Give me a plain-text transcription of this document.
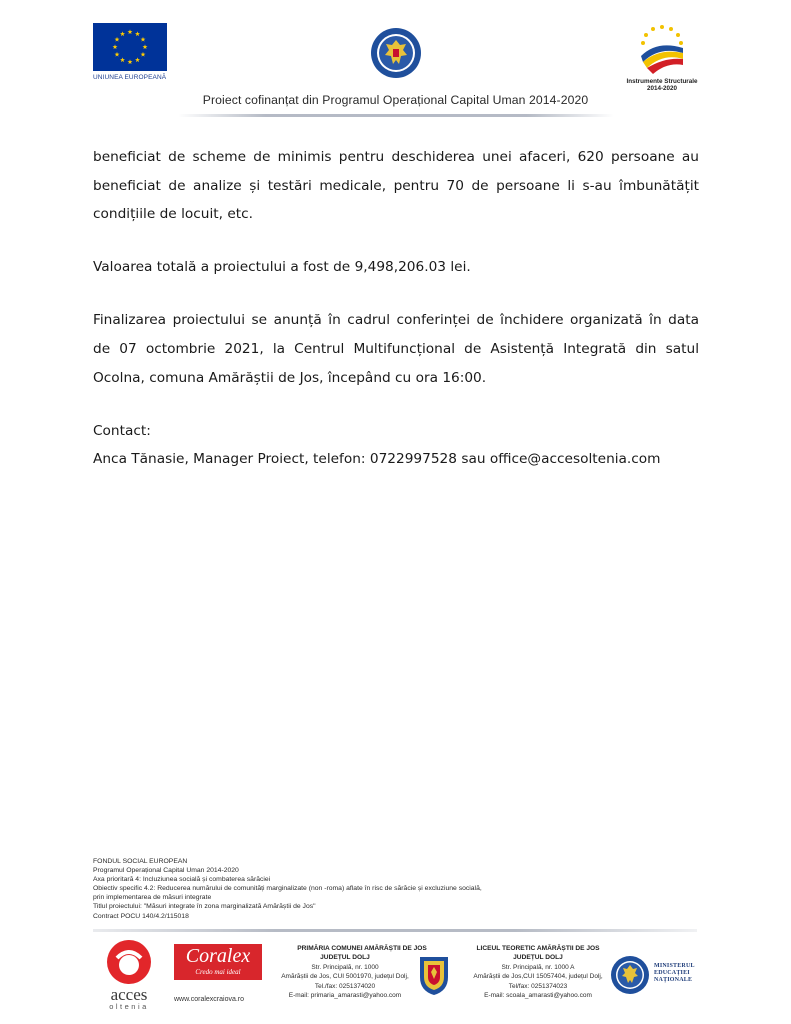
UNIUNEA EUROPEANĂ
Instrumente Structurale
2014-2020
Proiect cofinanțat din Programul Operațional Capital Uman 2014-2020
beneficiat de scheme de minimis pentru deschiderea unei afaceri, 620 persoane au
beneficiat de analize și testări medicale, pentru 70 de persoane li s-au îmbunătățit
condițiile de locuit, etc.
Valoarea totală a proiectului a fost de 9,498,206.03 lei.
Finalizarea proiectului se anunță în cadrul conferinței de închidere organizată în data
de 07 octombrie 2021, la Centrul Multifuncțional de Asistență Integrată din satul
Ocolna, comuna Amărăștii de Jos, începând cu ora 16:00.
Contact:
Anca Tănasie, Manager Proiect, telefon: 0722997528 sau office@accesoltenia.com
FONDUL SOCIAL EUROPEAN
Programul Operațional Capital Uman 2014-2020
Axa prioritară 4: Incluziunea socială și combaterea sărăciei
Obiectiv specific 4.2: Reducerea numărului de comunități marginalizate (non -roma) aflate în risc de sărăcie și excluziune socială,
prin implementarea de măsuri integrate
Titlul proiectului: "Măsuri integrate în zona marginalizată Amărăștii de Jos"
Contract POCU 140/4.2/115018
acces
oltenia
Coralex
Credo mai ideal
www.coralexcraiova.ro
PRIMĂRIA COMUNEI AMĂRĂȘTII DE JOS
JUDEȚUL DOLJ
Str. Principală, nr. 1000
Amărăștii de Jos, CUI 5001970, județul Dolj,
Tel./fax: 0251374020
E-mail: primaria_amarasti@yahoo.com
LICEUL TEORETIC AMĂRĂȘTII DE JOS
JUDEȚUL DOLJ
Str. Principală, nr. 1000 A
Amărăștii de Jos,CUI 15057404, județul Dolj,
Tel/fax: 0251374023
E-mail: scoala_amarasti@yahoo.com
MINISTERUL
EDUCAȚIEI
NAȚIONALE
